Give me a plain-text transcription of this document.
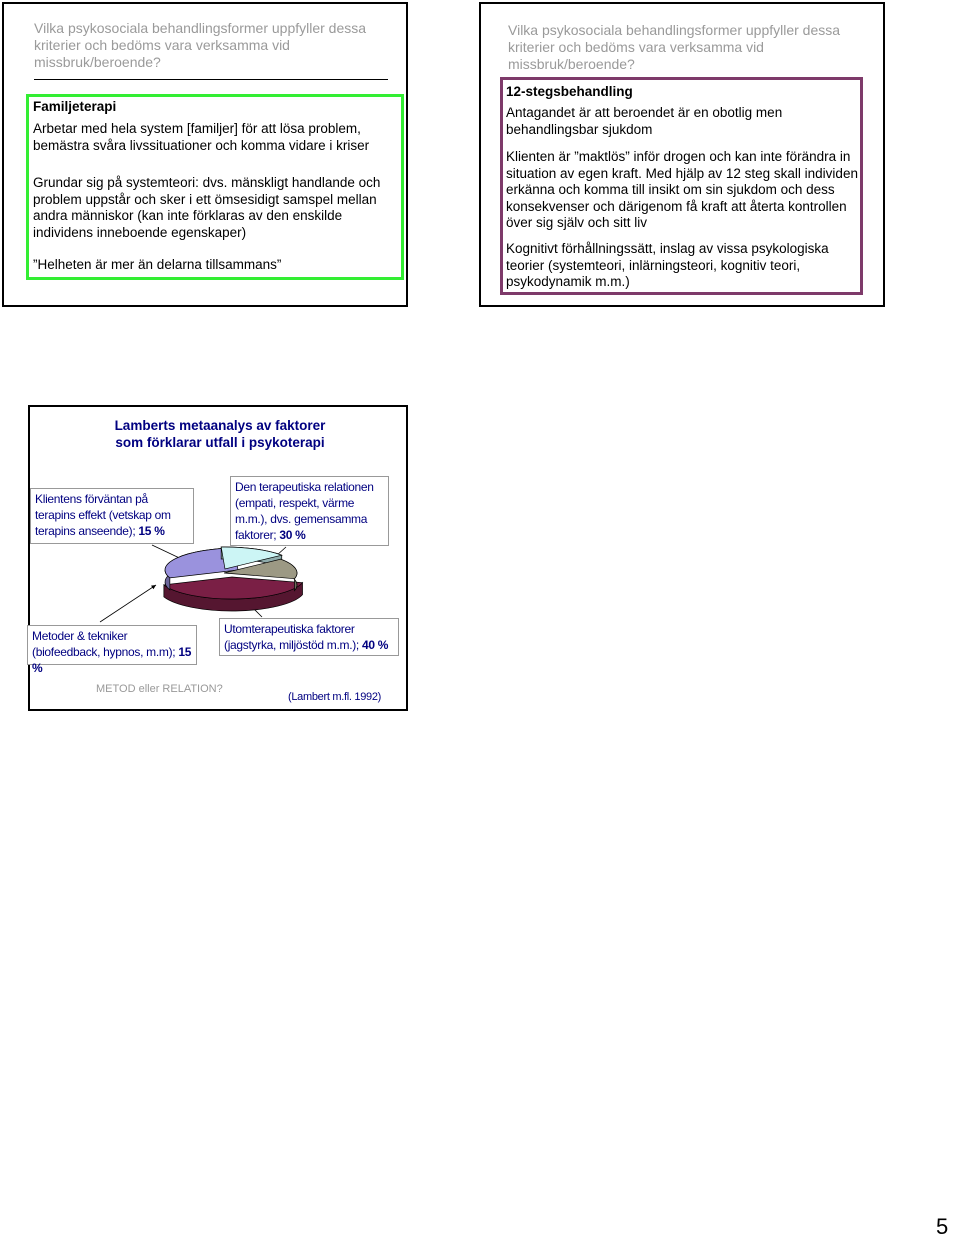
Vilka psykosociala behandlingsformer uppfyller dessa kriterier och bedöms vara verksamma vid missbruk/beroende?

Familjeterapi

Arbetar med hela system [familjer] för att lösa problem, bemästra svåra livssituationer och komma vidare i kriser

Grundar sig på systemteori: dvs. mänskligt handlande och problem uppstår och sker i ett ömsesidigt samspel mellan andra människor (kan inte förklaras av den enskilde individens inneboende egenskaper)

”Helheten är mer än delarna tillsammans”

Vilka psykosociala behandlingsformer uppfyller dessa kriterier och bedöms vara verksamma vid missbruk/beroende?

12-stegsbehandling

Antagandet är att beroendet är en obotlig men behandlingsbar sjukdom

Klienten är ”maktlös” inför drogen och kan inte förändra in situation av egen kraft. Med hjälp av 12 steg skall individen erkänna och komma till insikt om sin sjukdom och dess konsekvenser och därigenom få kraft att återta kontrollen över sig själv och sitt liv

Kognitivt förhållningssätt, inslag av vissa psykologiska teorier (systemteori, inlärningsteori, kognitiv teori, psykodynamik m.m.)

Lamberts metaanalys av faktorer
som förklarar utfall i psykoterapi
Klientens förväntan på terapins effekt (vetskap om terapins anseende); 15 %
Den terapeutiska relationen (empati, respekt, värme m.m.), dvs. gemensamma faktorer; 30 %
Metoder & tekniker (biofeedback, hypnos, m.m); 15 %
Utomterapeutiska faktorer (jagstyrka, miljöstöd m.m.); 40 %
METOD eller RELATION?
(Lambert m.fl. 1992)
5
